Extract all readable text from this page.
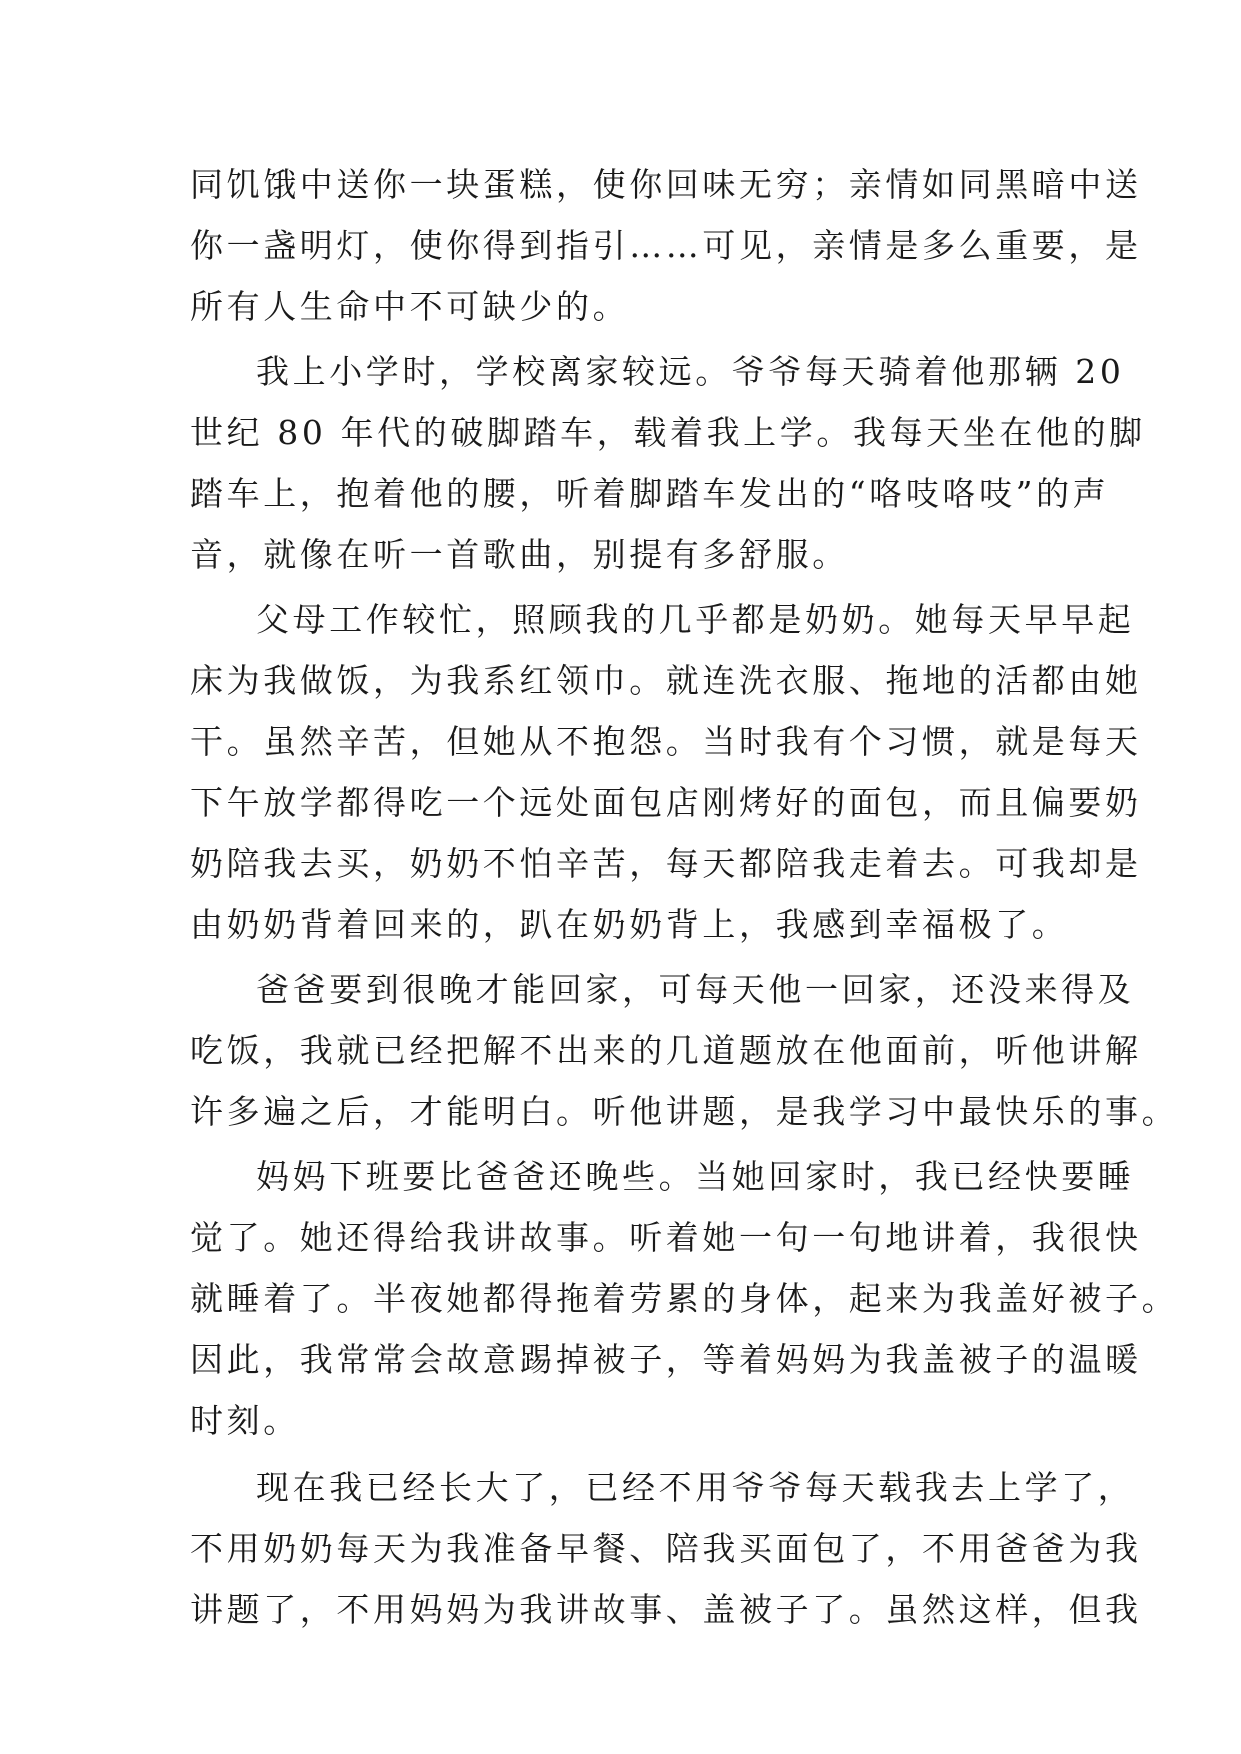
同饥饿中送你一块蛋糕，使你回味无穷；亲情如同黑暗中送
你一盏明灯，使你得到指引……可见，亲情是多么重要，是
所有人生命中不可缺少的。
我上小学时，学校离家较远。爷爷每天骑着他那辆 20
世纪 80 年代的破脚踏车，载着我上学。我每天坐在他的脚
踏车上，抱着他的腰，听着脚踏车发出的“咯吱咯吱”的声
音，就像在听一首歌曲，别提有多舒服。
父母工作较忙，照顾我的几乎都是奶奶。她每天早早起
床为我做饭，为我系红领巾。就连洗衣服、拖地的活都由她
干。虽然辛苦，但她从不抱怨。当时我有个习惯，就是每天
下午放学都得吃一个远处面包店刚烤好的面包，而且偏要奶
奶陪我去买，奶奶不怕辛苦，每天都陪我走着去。可我却是
由奶奶背着回来的，趴在奶奶背上，我感到幸福极了。
爸爸要到很晚才能回家，可每天他一回家，还没来得及
吃饭，我就已经把解不出来的几道题放在他面前，听他讲解
许多遍之后，才能明白。听他讲题，是我学习中最快乐的事。
妈妈下班要比爸爸还晚些。当她回家时，我已经快要睡
觉了。她还得给我讲故事。听着她一句一句地讲着，我很快
就睡着了。半夜她都得拖着劳累的身体，起来为我盖好被子。
因此，我常常会故意踢掉被子，等着妈妈为我盖被子的温暖
时刻。
现在我已经长大了，已经不用爷爷每天载我去上学了，
不用奶奶每天为我准备早餐、陪我买面包了，不用爸爸为我
讲题了，不用妈妈为我讲故事、盖被子了。虽然这样，但我
